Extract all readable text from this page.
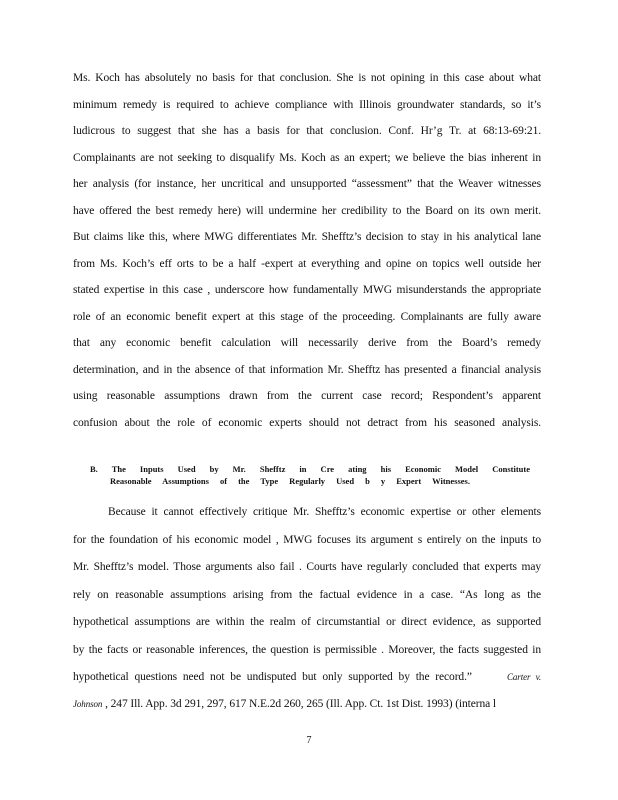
Ms. Koch has absolutely no basis for that conclusion. She is not opining in this case about what
minimum remedy is required to achieve compliance with Illinois groundwater standards, so it’s
ludicrous to suggest that she has a basis for that conclusion. Conf. Hr’g Tr. at 68:13-69:21.
Complainants are not seeking to disqualify Ms. Koch as an expert; we believe the bias inherent in
her analysis (for instance, her uncritical and unsupported “assessment” that the Weaver witnesses
have offered the best remedy here) will undermine her credibility to the Board on its own merit.
But claims like this, where MWG differentiates Mr. Shefftz’s decision to stay in his analytical lane
from Ms. Koch’s eff orts to be a half -expert at everything and opine on topics well outside her
stated expertise in this case , underscore how fundamentally MWG misunderstands the appropriate
role of an economic benefit expert at this stage of the proceeding. Complainants are fully aware
that any economic benefit calculation will necessarily derive from the Board’s remedy
determination, and in the absence of that information Mr. Shefftz has presented a financial analysis
using reasonable assumptions drawn from the current case record; Respondent’s apparent
confusion about the role of economic experts should not detract from his seasoned analysis.
B. The Inputs Used by Mr. Shefftz in Cre ating his Economic Model Constitute
Reasonable Assumptions of the Type Regularly Used b y Expert Witnesses.
Because it cannot effectively critique Mr. Shefftz’s economic expertise or other elements
for the foundation of his economic model , MWG focuses its argument s entirely on the inputs to
Mr. Shefftz’s model. Those arguments also fail . Courts have regularly concluded that experts may
rely on reasonable assumptions arising from the factual evidence in a case. “As long as the
hypothetical assumptions are within the realm of circumstantial or direct evidence, as supported
by the facts or reasonable inferences, the question is permissible . Moreover, the facts suggested in
hypothetical questions need not be undisputed but only supported by the record.”	Carter v.
Johnson , 247 Ill. App. 3d 291, 297, 617 N.E.2d 260, 265 (Ill. App. Ct. 1st Dist. 1993) (interna l
7
